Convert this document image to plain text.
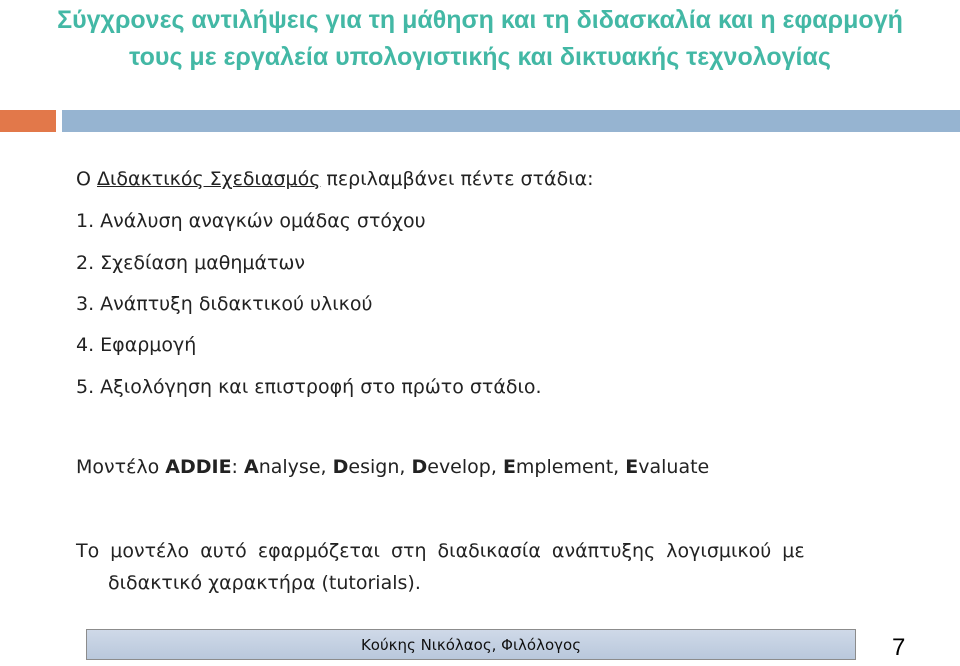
Σύγχρονες αντιλήψεις για τη μάθηση και τη διδασκαλία και η εφαρμογή τους με εργαλεία υπολογιστικής και δικτυακής τεχνολογίας
Ο Διδακτικός Σχεδιασμός περιλαμβάνει πέντε στάδια:
1. Ανάλυση αναγκών ομάδας στόχου
2. Σχεδίαση μαθημάτων
3. Ανάπτυξη διδακτικού υλικού
4. Εφαρμογή
5. Αξιολόγηση και επιστροφή στο πρώτο στάδιο.
Μοντέλο ADDIE: Analyse, Design, Develop, Emplement, Evaluate
Το μοντέλο αυτό εφαρμόζεται στη διαδικασία ανάπτυξης λογισμικού με
διδακτικό χαρακτήρα (tutorials).
Κούκης Νικόλαος, Φιλόλογος	7
